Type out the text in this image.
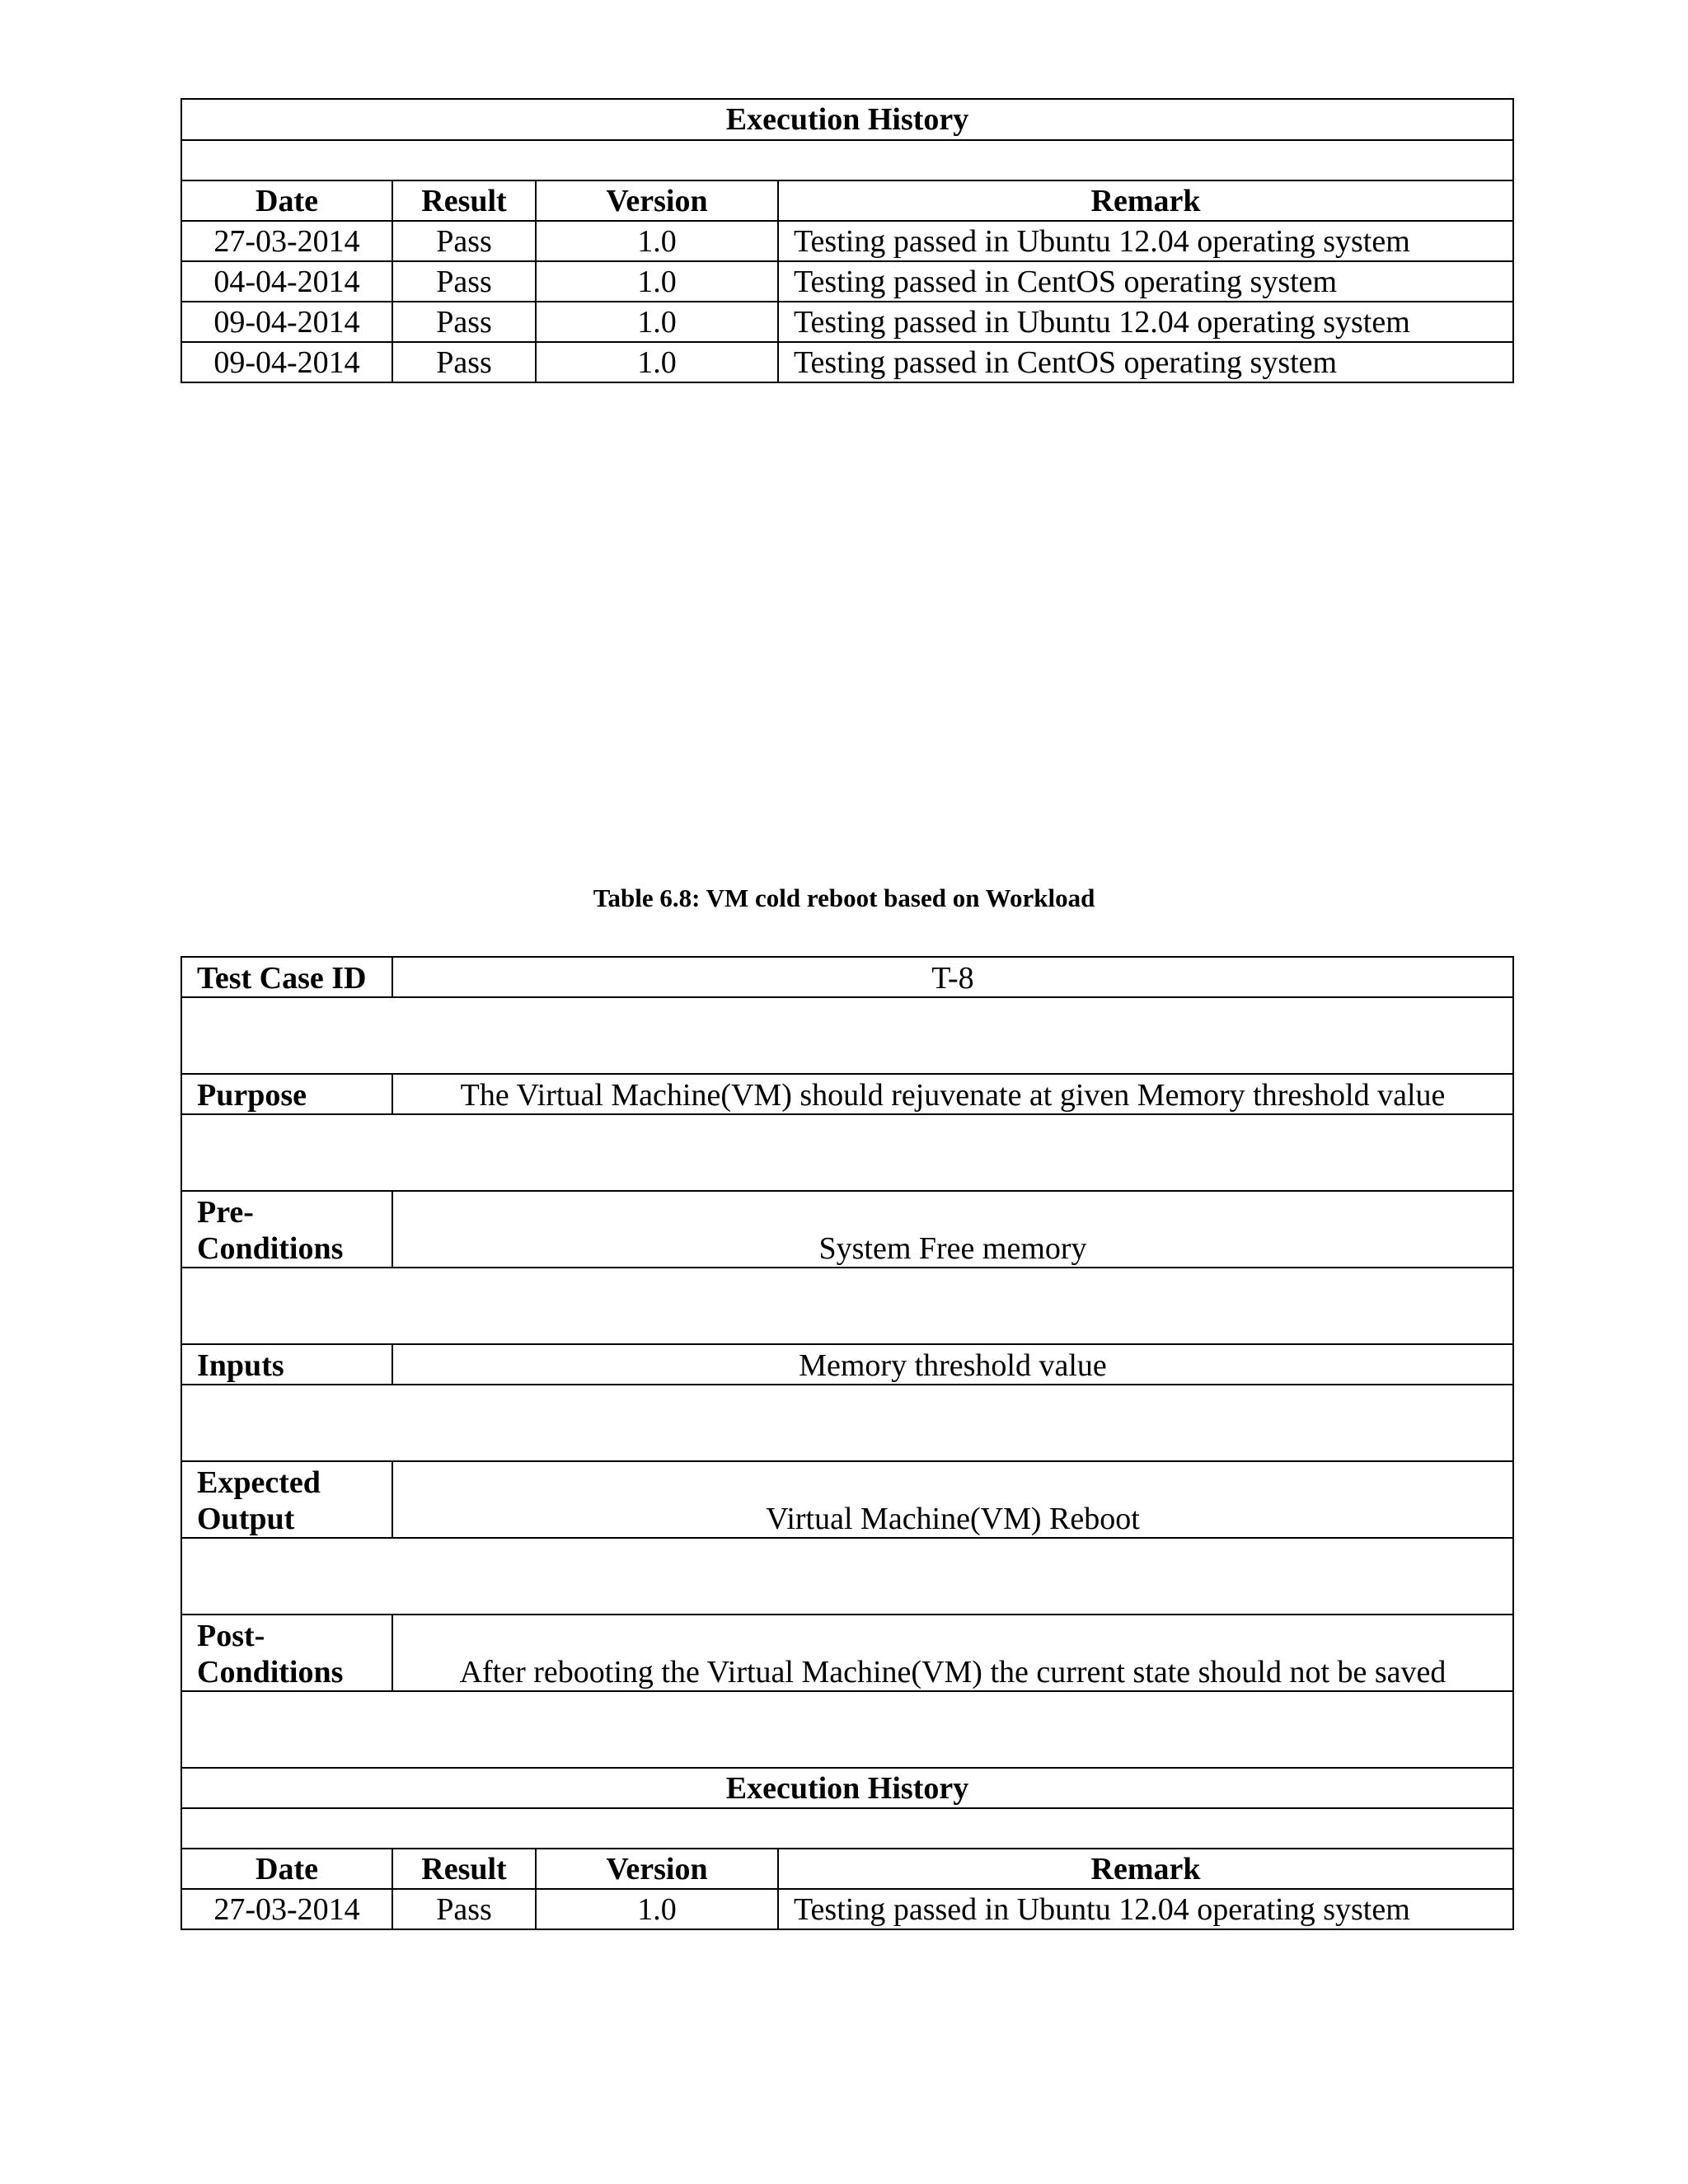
Execution History			

Date	Result	Version	Remark
27-03-2014	Pass	1.0	Testing passed in Ubuntu 12.04 operating system
04-04-2014	Pass	1.0	Testing passed in CentOS operating system
09-04-2014	Pass	1.0	Testing passed in Ubuntu 12.04 operating system
09-04-2014	Pass	1.0	Testing passed in CentOS operating system
Table 6.8: VM cold reboot based on Workload
Test Case ID	T-8		

Purpose	The Virtual Machine(VM) should rejuvenate at given Memory threshold value		

Pre-
Conditions	System Free memory		

Inputs	Memory threshold value		

Expected
Output	Virtual Machine(VM) Reboot		

Post-
Conditions	After rebooting the Virtual Machine(VM) the current state should not be saved		

Execution History			

Date	Result	Version	Remark
27-03-2014	Pass	1.0	Testing passed in Ubuntu 12.04 operating system
